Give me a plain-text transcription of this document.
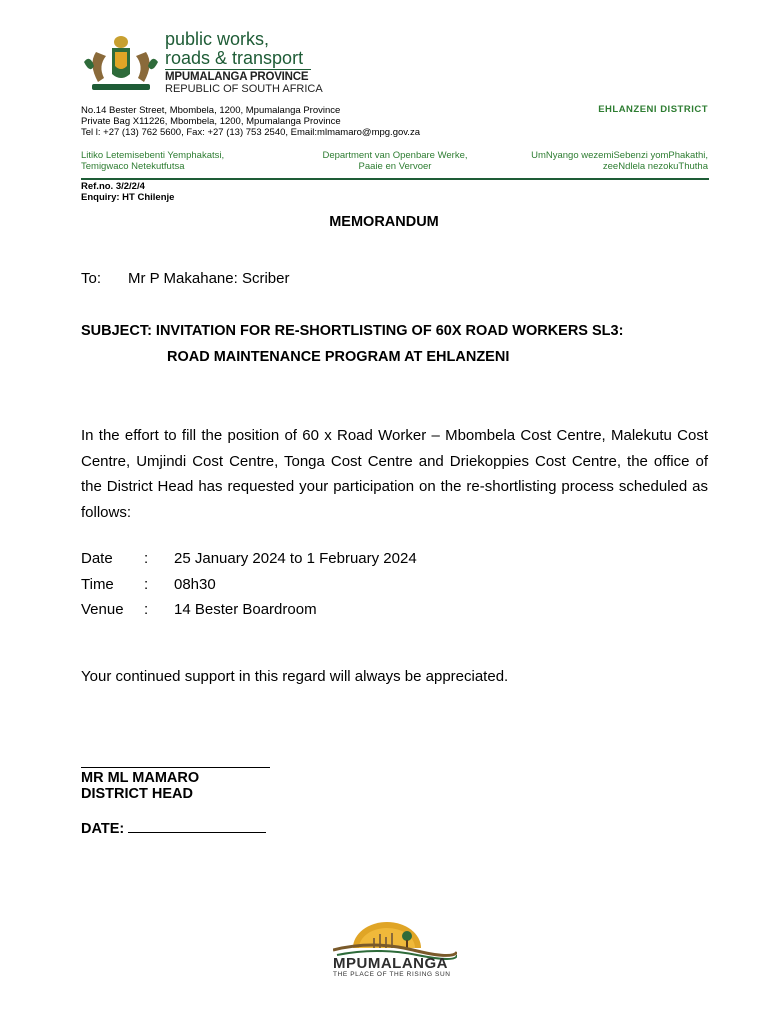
public works,
roads & transport
MPUMALANGA PROVINCE
REPUBLIC OF SOUTH AFRICA
No.14 Bester Street, Mbombela, 1200, Mpumalanga Province
Private Bag X11226, Mbombela, 1200, Mpumalanga Province
Tel l: +27 (13) 762 5600, Fax: +27 (13) 753 2540, Email:mlmamaro@mpg.gov.za
EHLANZENI DISTRICT
Litiko Letemisebenti Yemphakatsi,
Temigwaco Netekutfutsa
Department van Openbare Werke,
Paaie en Vervoer
UmNyango wezemiSebenzi yomPhakathi,
zeeNdlela nezokuThutha
Ref.no. 3/2/2/4
Enquiry: HT Chilenje
MEMORANDUM
To: Mr P Makahane: Scriber
SUBJECT: INVITATION FOR RE-SHORTLISTING OF 60X ROAD WORKERS SL3:
ROAD MAINTENANCE PROGRAM AT EHLANZENI
In the effort to fill the position of 60 x Road Worker – Mbombela Cost Centre, Malekutu Cost Centre, Umjindi Cost Centre, Tonga Cost Centre and Driekoppies Cost Centre, the office of the District Head has requested your participation on the re-shortlisting process scheduled as follows:
Date : 25 January 2024 to 1 February 2024
Time : 08h30
Venue : 14 Bester Boardroom
Your continued support in this regard will always be appreciated.
MR ML MAMARO
DISTRICT HEAD
DATE:
MPUMALANGA
THE PLACE OF THE RISING SUN
